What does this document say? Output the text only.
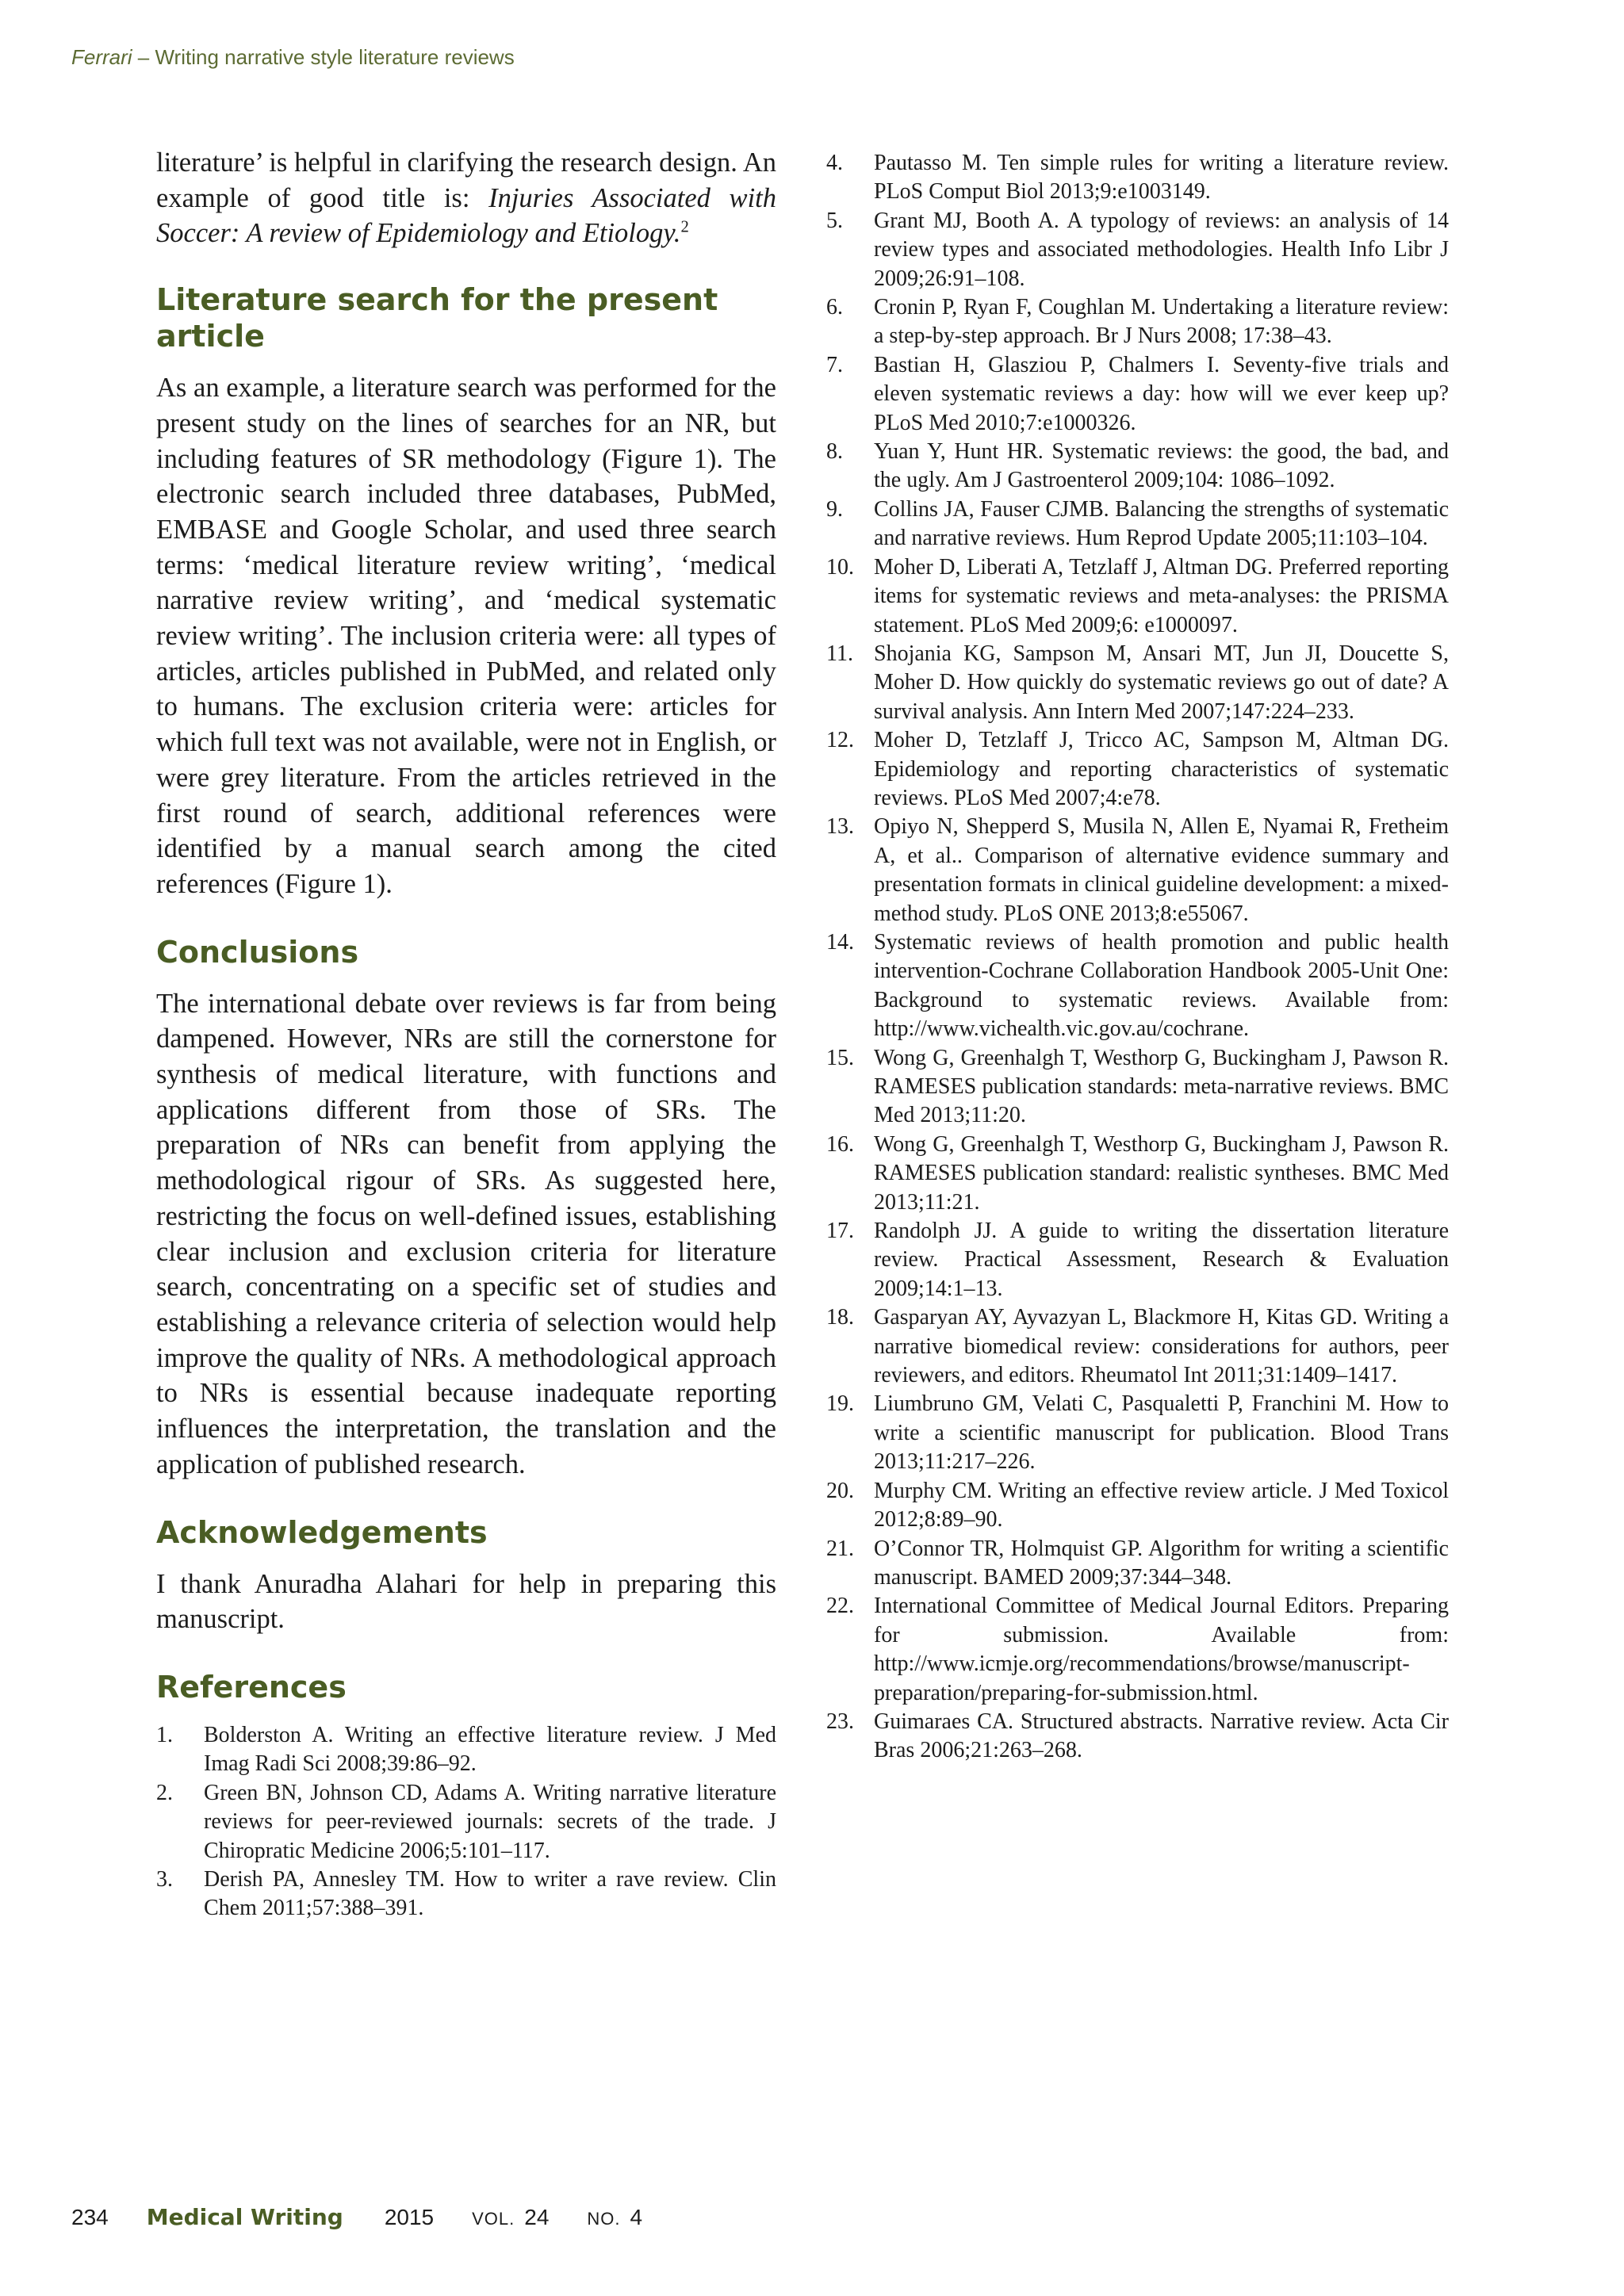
Ferrari – Writing narrative style literature reviews

literature’ is helpful in clarifying the research design. An example of good title is: Injuries Associated with Soccer: A review of Epidemiology and Etiology.$^2$

Literature search for the present article

As an example, a literature search was performed for the present study on the lines of searches for an NR, but including features of SR methodology (Figure 1). The electronic search included three databases, PubMed, EMBASE and Google Scholar, and used three search terms: ‘medical literature review writing’, ‘medical narrative review writing’, and ‘medical systematic review writing’. The inclusion criteria were: all types of articles, articles published in PubMed, and related only to humans. The exclusion criteria were: articles for which full text was not available, were not in English, or were grey literature. From the articles retrieved in the first round of search, additional references were identified by a manual search among the cited references (Figure 1).

Conclusions

The international debate over reviews is far from being dampened. However, NRs are still the cornerstone for synthesis of medical literature, with functions and applications different from those of SRs. The preparation of NRs can benefit from applying the methodological rigour of SRs. As suggested here, restricting the focus on well-defined issues, establishing clear inclusion and exclusion criteria for literature search, concentrating on a specific set of studies and establishing a relevance criteria of selection would help improve the quality of NRs. A methodological approach to NRs is essential because inadequate reporting influences the interpretation, the translation and the application of published research.

Acknowledgements

I thank Anuradha Alahari for help in preparing this manuscript.

References
1.	Bolderston A. Writing an effective literature review. J Med Imag Radi Sci 2008;39:86–92.
2.	Green BN, Johnson CD, Adams A. Writing narrative literature reviews for peer-reviewed journals: secrets of the trade. J Chiropratic Medicine 2006;5:101–117.
3.	Derish PA, Annesley TM. How to writer a rave review. Clin Chem 2011;57:388–391.
4.	Pautasso M. Ten simple rules for writing a literature review. PLoS Comput Biol 2013;9:e1003149.
5.	Grant MJ, Booth A. A typology of reviews: an analysis of 14 review types and associated methodologies. Health Info Libr J 2009;26:91–108.
6.	Cronin P, Ryan F, Coughlan M. Undertaking a literature review: a step-by-step approach. Br J Nurs 2008; 17:38–43.
7.	Bastian H, Glasziou P, Chalmers I. Seventy-five trials and eleven systematic reviews a day: how will we ever keep up? PLoS Med 2010;7:e1000326.
8.	Yuan Y, Hunt HR. Systematic reviews: the good, the bad, and the ugly. Am J Gastroenterol 2009;104: 1086–1092.
9.	Collins JA, Fauser CJMB. Balancing the strengths of systematic and narrative reviews. Hum Reprod Update 2005;11:103–104.
10. Moher D, Liberati A, Tetzlaff J, Altman DG. Preferred reporting items for systematic reviews and meta-analyses: the PRISMA statement. PLoS Med 2009;6: e1000097.
11. Shojania KG, Sampson M, Ansari MT, Jun JI, Doucette S, Moher D. How quickly do systematic reviews go out of date? A survival analysis. Ann Intern Med 2007;147:224–233.
12. Moher D, Tetzlaff J, Tricco AC, Sampson M, Altman DG. Epidemiology and reporting characteristics of systematic reviews. PLoS Med 2007;4:e78.
13. Opiyo N, Shepperd S, Musila N, Allen E, Nyamai R, Fretheim A, et al.. Comparison of alternative evidence summary and presentation formats in clinical guideline development: a mixed-method study. PLoS ONE 2013;8:e55067.
14. Systematic reviews of health promotion and public health intervention-Cochrane Collaboration Handbook 2005-Unit One: Background to systematic reviews. Available from: http://www.vichealth.vic.gov.au/cochrane.
15. Wong G, Greenhalgh T, Westhorp G, Buckingham J, Pawson R. RAMESES publication standards: meta-narrative reviews. BMC Med 2013;11:20.
16. Wong G, Greenhalgh T, Westhorp G, Buckingham J, Pawson R. RAMESES publication standard: realistic syntheses. BMC Med 2013;11:21.
17. Randolph JJ. A guide to writing the dissertation literature review. Practical Assessment, Research & Evaluation 2009;14:1–13.
18. Gasparyan AY, Ayvazyan L, Blackmore H, Kitas GD. Writing a narrative biomedical review: considerations for authors, peer reviewers, and editors. Rheumatol Int 2011;31:1409–1417.
19. Liumbruno GM, Velati C, Pasqualetti P, Franchini M. How to write a scientific manuscript for publication. Blood Trans 2013;11:217–226.
20. Murphy CM. Writing an effective review article. J Med Toxicol 2012;8:89–90.
21. O’Connor TR, Holmquist GP. Algorithm for writing a scientific manuscript. BAMED 2009;37:344–348.
22. International Committee of Medical Journal Editors. Preparing for submission. Available from: http://www.icmje.org/recommendations/browse/manuscript-preparation/preparing-for-submission.html.
23. Guimaraes CA. Structured abstracts. Narrative review. Acta Cir Bras 2006;21:263–268.
234 Medical Writing 2015 VOL. 24 NO. 4
